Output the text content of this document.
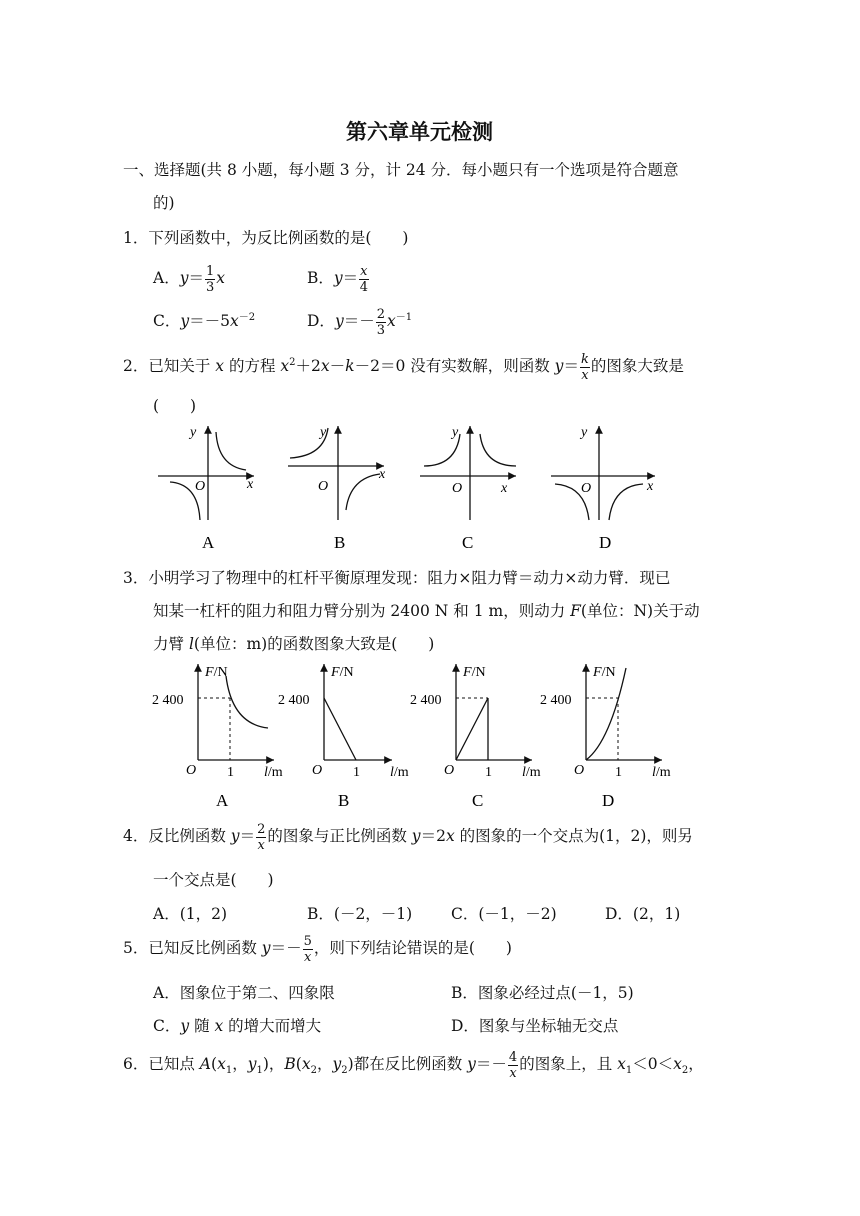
第六章单元检测
一、选择题(共 8 小题，每小题 3 分，计 24 分．每小题只有一个选项是符合题意
的)
1．下列函数中，为反比例函数的是(　　)
A．$y= \frac{1}{3}$ x	B．$y= \frac{x}{4}$
C．$y=-5x^{-2}$	D．$y=- \frac{2}{3} x^{-1}$
2．已知关于 x 的方程 $x^2+2x-k-2=0$ 没有实数解，则函数 $y= \frac{k}{x}$ 的图象大致是
(　　)
y
x
O
A
y
x
O
B
y
x
O
C
y
x
O
D
3．小明学习了物理中的杠杆平衡原理发现：阻力×阻力臂＝动力×动力臂．现已
知某一杠杆的阻力和阻力臂分别为 2400 N 和 1 m，则动力 F(单位：N)关于动
力臂 l(单位：m)的函数图象大致是(　　)
F/N
2 400
O 1 l/m
A
F/N
2 400
O 1 l/m
B
F/N
2 400
O 1 l/m
C
F/N
2 400
O 1 l/m
D
4．反比例函数 $y= \frac{2}{x}$ 的图象与正比例函数 y＝2x 的图象的一个交点为(1，2)，则另
一个交点是(　　)
A．(1，2)	B．(－2，－1)	C．(－1，－2)	D．(2，1)
5．已知反比例函数 $y=- \frac{5}{x}$ ，则下列结论错误的是(　　)
A．图象位于第二、四象限	B．图象必经过点(－1，5)
C．y 随 x 的增大而增大	D．图象与坐标轴无交点
6．已知点 $A(x_1$，$y_1$)，$B(x_2$，$y_2$)都在反比例函数 $y=- \frac{4}{x}$ 的图象上，且 $x_1<0<x_2$，
